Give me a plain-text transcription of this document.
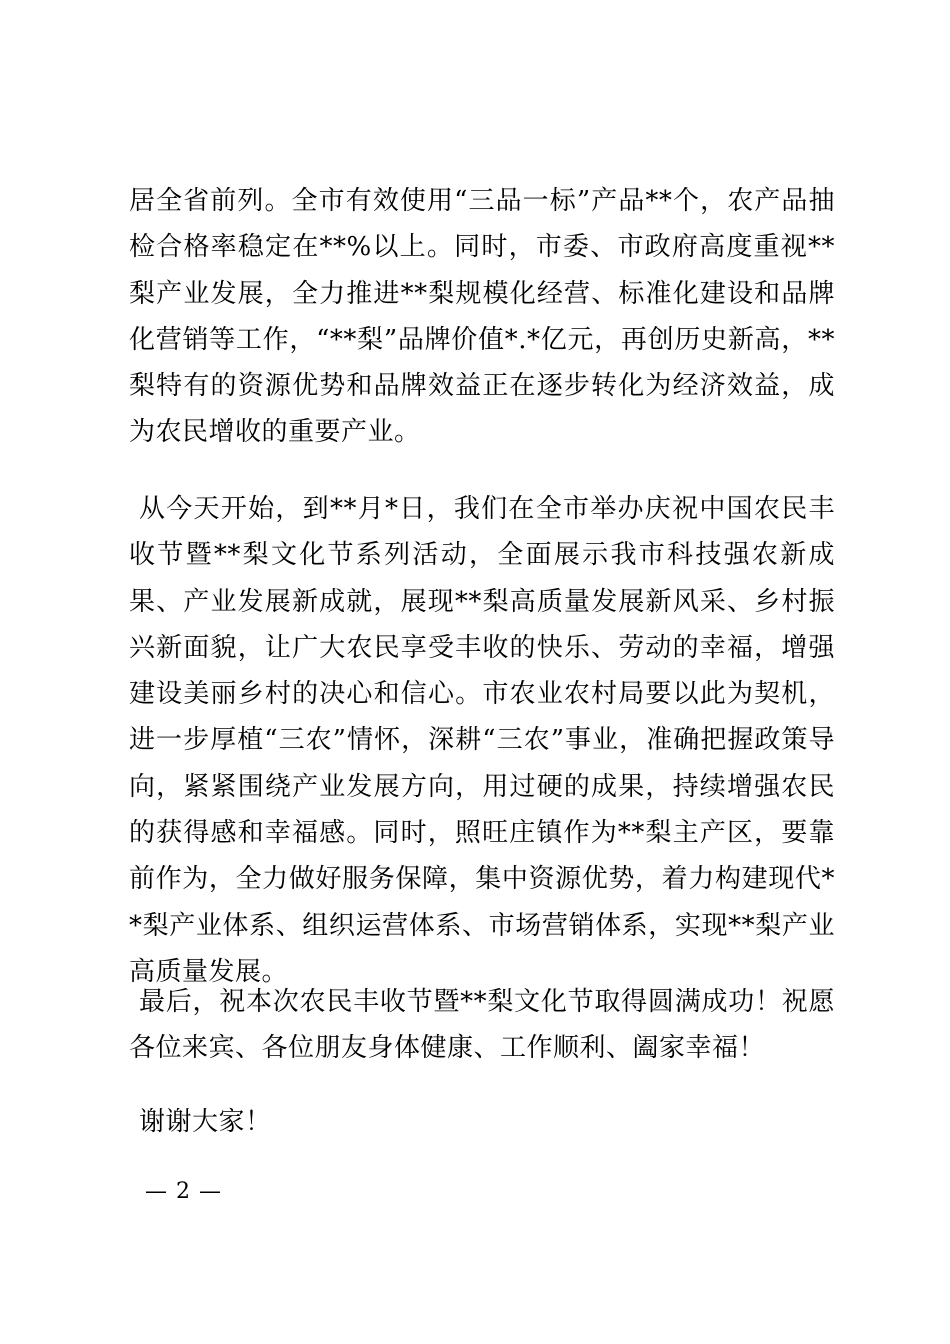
居全省前列。全市有效使用“三品一标”产品**个，农产品抽检合格率稳定在**%以上。同时，市委、市政府高度重视**梨产业发展，全力推进**梨规模化经营、标准化建设和品牌化营销等工作，“**梨”品牌价值*.*亿元，再创历史新高，**梨特有的资源优势和品牌效益正在逐步转化为经济效益，成为农民增收的重要产业。

从今天开始，到**月*日，我们在全市举办庆祝中国农民丰收节暨**梨文化节系列活动，全面展示我市科技强农新成果、产业发展新成就，展现**梨高质量发展新风采、乡村振兴新面貌，让广大农民享受丰收的快乐、劳动的幸福，增强建设美丽乡村的决心和信心。市农业农村局要以此为契机，进一步厚植“三农”情怀，深耕“三农”事业，准确把握政策导向，紧紧围绕产业发展方向，用过硬的成果，持续增强农民的获得感和幸福感。同时，照旺庄镇作为**梨主产区，要靠前作为，全力做好服务保障，集中资源优势，着力构建现代**梨产业体系、组织运营体系、市场营销体系，实现**梨产业高质量发展。

最后，祝本次农民丰收节暨**梨文化节取得圆满成功！祝愿各位来宾、各位朋友身体健康、工作顺利、阖家幸福！

谢谢大家！

— 2 —
